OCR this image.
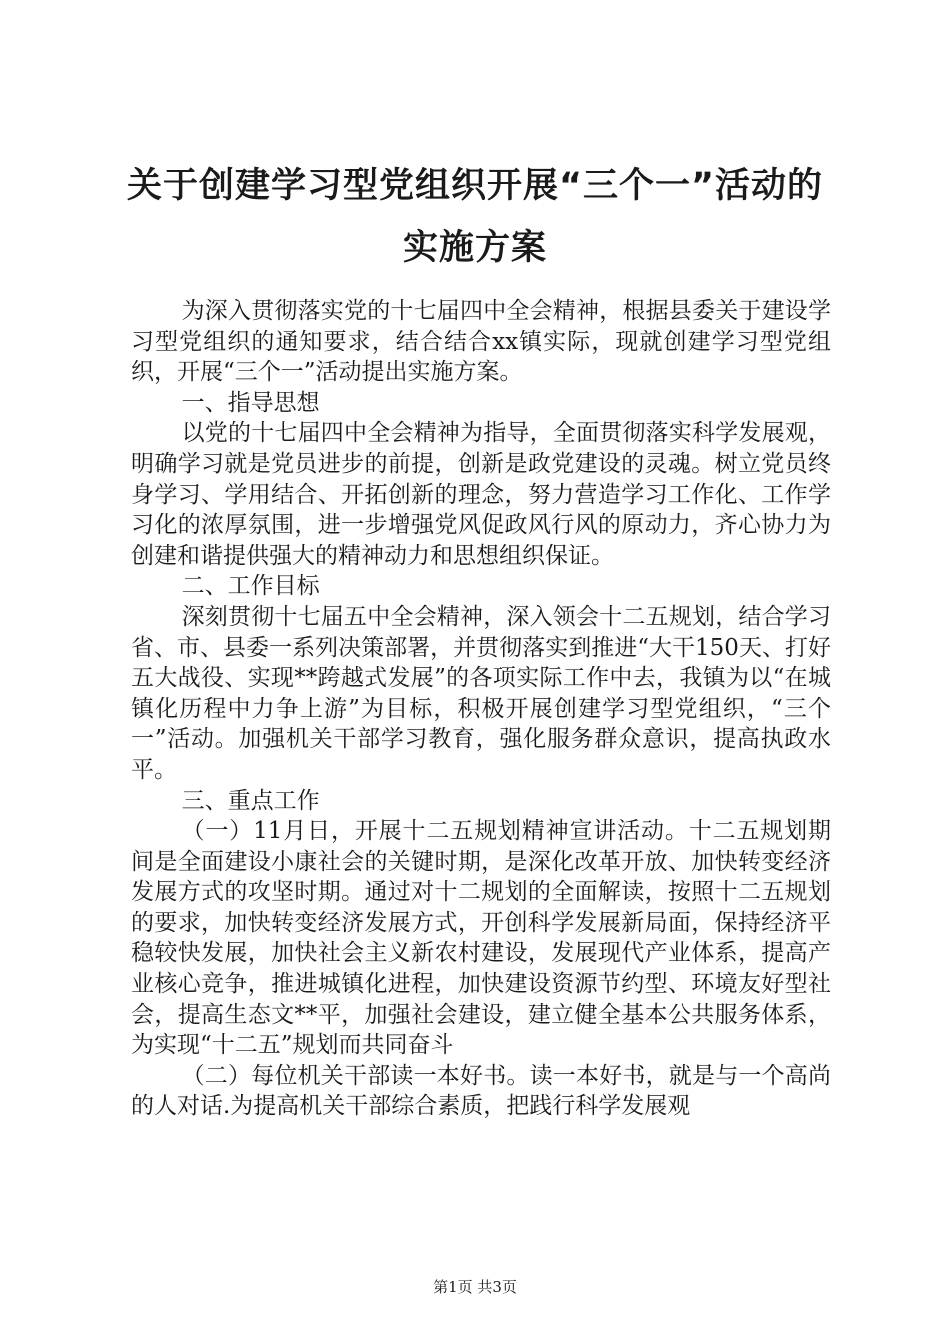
关于创建学习型党组织开展“三个一”活动的
实施方案

为深入贯彻落实党的十七届四中全会精神，根据县委关于建设学习型党组织的通知要求，结合结合xx镇实际，现就创建学习型党组织，开展“三个一”活动提出实施方案。

一、指导思想

以党的十七届四中全会精神为指导，全面贯彻落实科学发展观，明确学习就是党员进步的前提，创新是政党建设的灵魂。树立党员终身学习、学用结合、开拓创新的理念，努力营造学习工作化、工作学习化的浓厚氛围，进一步增强党风促政风行风的原动力，齐心协力为创建和谐提供强大的精神动力和思想组织保证。

二、工作目标

深刻贯彻十七届五中全会精神，深入领会十二五规划，结合学习省、市、县委一系列决策部署，并贯彻落实到推进“大干150天、打好五大战役、实现**跨越式发展”的各项实际工作中去，我镇为以“在城镇化历程中力争上游”为目标，积极开展创建学习型党组织，“三个一”活动。加强机关干部学习教育，强化服务群众意识，提高执政水平。

三、重点工作

（一）11月日，开展十二五规划精神宣讲活动。十二五规划期间是全面建设小康社会的关键时期，是深化改革开放、加快转变经济发展方式的攻坚时期。通过对十二规划的全面解读，按照十二五规划的要求，加快转变经济发展方式，开创科学发展新局面，保持经济平稳较快发展，加快社会主义新农村建设，发展现代产业体系，提高产业核心竞争，推进城镇化进程，加快建设资源节约型、环境友好型社会，提高生态文**平，加强社会建设，建立健全基本公共服务体系，为实现“十二五”规划而共同奋斗

（二）每位机关干部读一本好书。读一本好书，就是与一个高尚的人对话.为提高机关干部综合素质，把践行科学发展观

第1页 共3页
